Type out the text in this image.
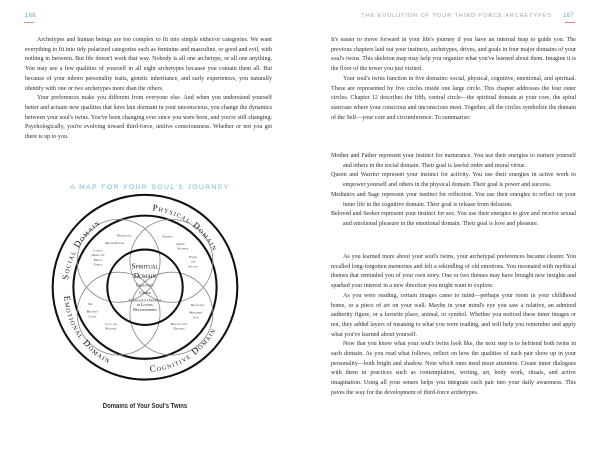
166

Archetypes and human beings are too complex to fit into simple either/or categories. We want everything to fit into tidy polarized categories such as feminine and masculine, or good and evil, with nothing in between. But life doesn't work that way. Nobody is all one archetype, or all one anything. You may see a few qualities of yourself in all eight archetypes because you contain them all. But because of your inborn personality traits, genetic inheritance, and early experiences, you naturally identify with one or two archetypes more than the others.

Your preferences make you different from everyone else. And when you understand yourself better and actuate new qualities that have lain dormant in your unconscious, you change the dynamics between your soul's twins. You've been changing ever since you were born, and you're still changing. Psychologically, you're evolving toward third-force, unitive consciousness. Whether or not you get there is up to you.

A MAP FOR YOUR SOUL'S JOURNEY
Social Domain
Physical Domain
Emotional Domain
Cognitive Domain
Nurturance
Mother/Father
Lawful
Order and
Moral
Virtue
Activity
Queen/
Warrior
Power
and
Success
Sex
Beloved/
Lover
Love and
Pleasure
Reflection
Mediatrix/
Sage
Release from
Delusion
Spiritual
Domain
Creativity
Couple
Conscious Oneness
in Loving
Relationships
Domains of Your Soul's Twins
THE EVOLUTION OF YOUR THIRD-FORCE ARCHETYPES 167

It's easier to move forward in your life's journey if you have an internal map to guide you. The previous chapters laid out your instincts, archetypes, drives, and goals in four major domains of your soul's twins. This skeleton map may help you organize what you've learned about them. Imagine it is the floor of the tower you just visited.

Your soul's twins function in five domains: social, physical, cognitive, emotional, and spiritual. These are represented by five circles inside one large circle. This chapter addresses the four outer circles. Chapter 12 describes the fifth, central circle—the spiritual domain at your core, the spiral staircase where your conscious and unconscious meet. Together, all the circles symbolize the domain of the Self—your core and circumference. To summarize:

Mother and Father represent your instinct for nurturance. You use their energies to nurture yourself and others in the social domain. Their goal is lawful order and moral virtue.

Queen and Warrior represent your instinct for activity. You use their energies in active work to empower yourself and others in the physical domain. Their goal is power and success.

Mediatrix and Sage represent your instinct for reflection. You use their energies to reflect on your inner life in the cognitive domain. Their goal is release from delusion.

Beloved and Seeker represent your instinct for sex. You use their energies to give and receive sexual and emotional pleasure in the emotional domain. Their goal is love and pleasure.

As you learned more about your soul's twins, your archetypal preferences became clearer. You recalled long-forgotten memories and felt a rekindling of old emotions. You resonated with mythical themes that reminded you of your own story. One or two themes may have brought new insights and sparked your interest in a new direction you might want to explore.

As you were reading, certain images came to mind—perhaps your room in your childhood home, or a piece of art on your wall. Maybe in your mind's eye you saw a relative, an admired authority figure, or a favorite place, animal, or symbol. Whether you noticed these inner images or not, they added layers of meaning to what you were reading, and will help you remember and apply what you've learned about yourself.

Now that you know what your soul's twins look like, the next step is to befriend both twins in each domain. As you read what follows, reflect on how the qualities of each pair show up in your personality—both bright and shadow. Note which ones need more attention. Create inner dialogues with them in practices such as contemplation, writing, art, body work, rituals, and active imagination. Using all your senses helps you integrate each pair into your daily awareness. This paves the way for the development of third-force archetypes.
